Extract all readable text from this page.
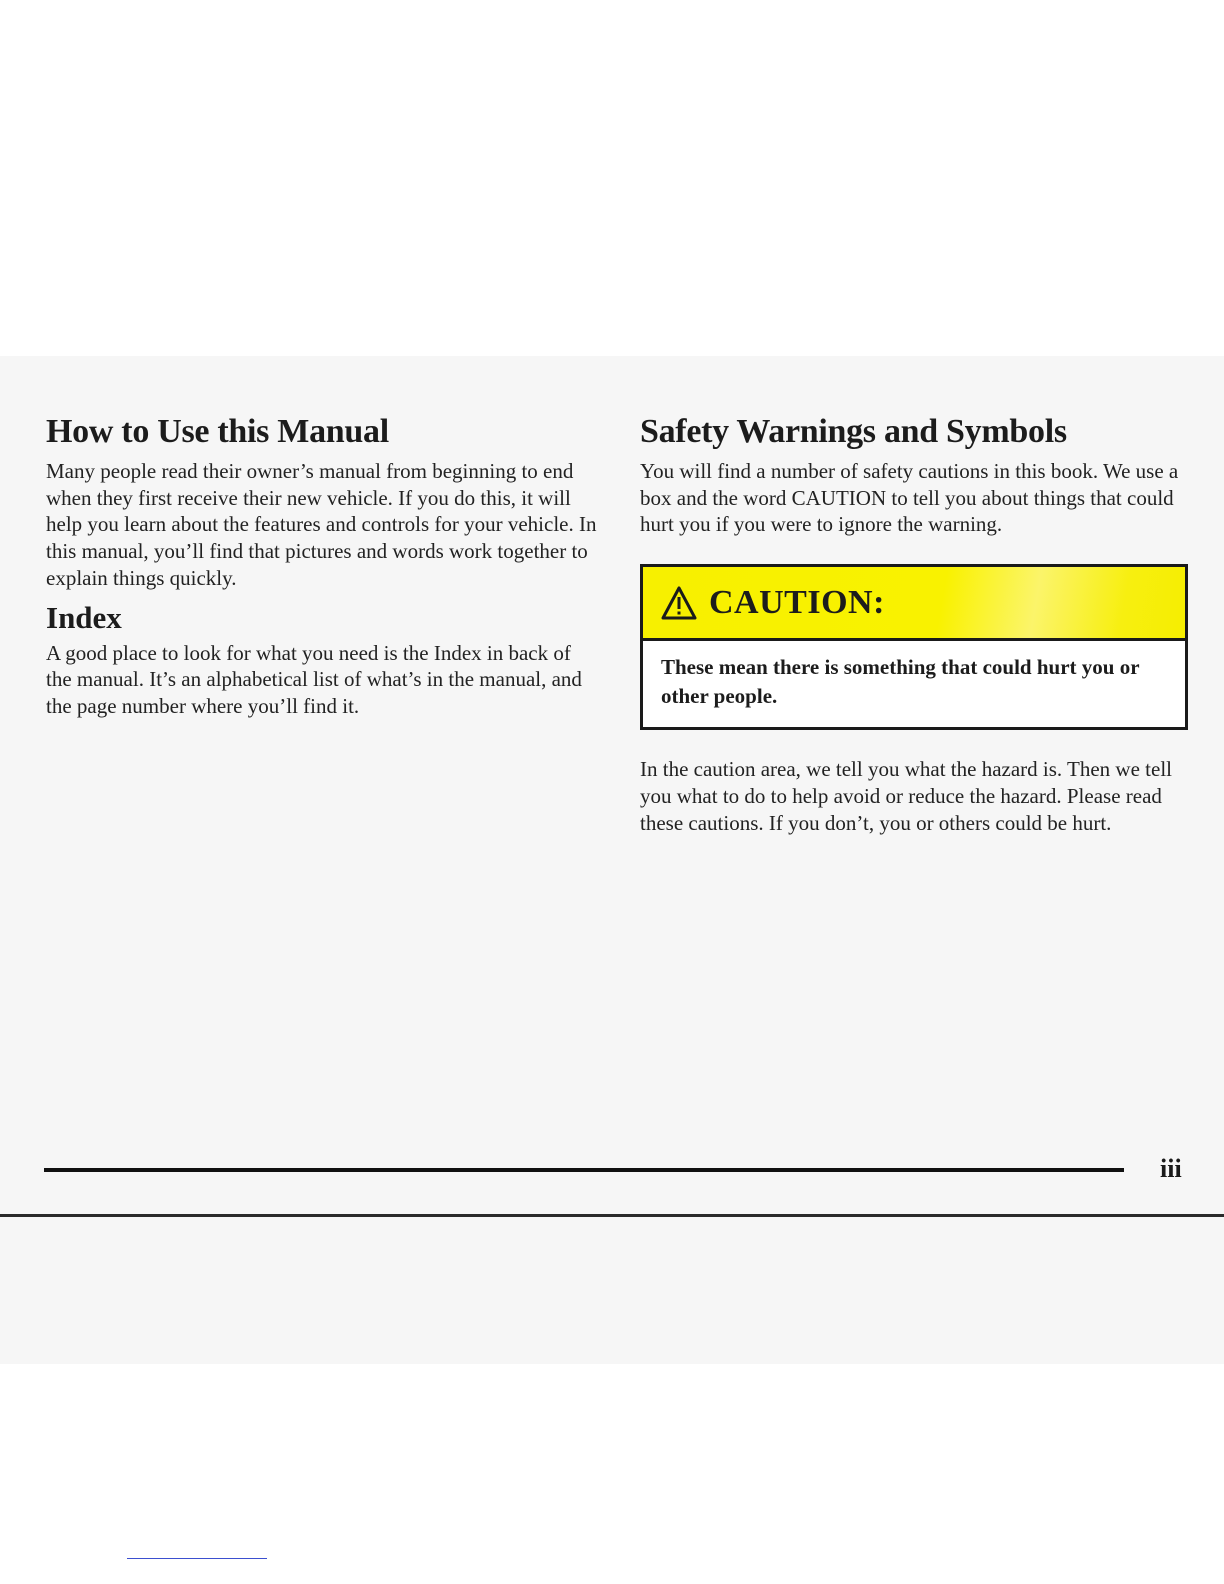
How to Use this Manual

Many people read their owner’s manual from beginning to end when they first receive their new vehicle. If you do this, it will help you learn about the features and controls for your vehicle. In this manual, you’ll find that pictures and words work together to explain things quickly.

Index

A good place to look for what you need is the Index in back of the manual. It’s an alphabetical list of what’s in the manual, and the page number where you’ll find it.

Safety Warnings and Symbols

You will find a number of safety cautions in this book. We use a box and the word CAUTION to tell you about things that could hurt you if you were to ignore the warning.

CAUTION:
These mean there is something that could hurt you or other people.

In the caution area, we tell you what the hazard is. Then we tell you what to do to help avoid or reduce the hazard. Please read these cautions. If you don’t, you or others could be hurt.

iii
